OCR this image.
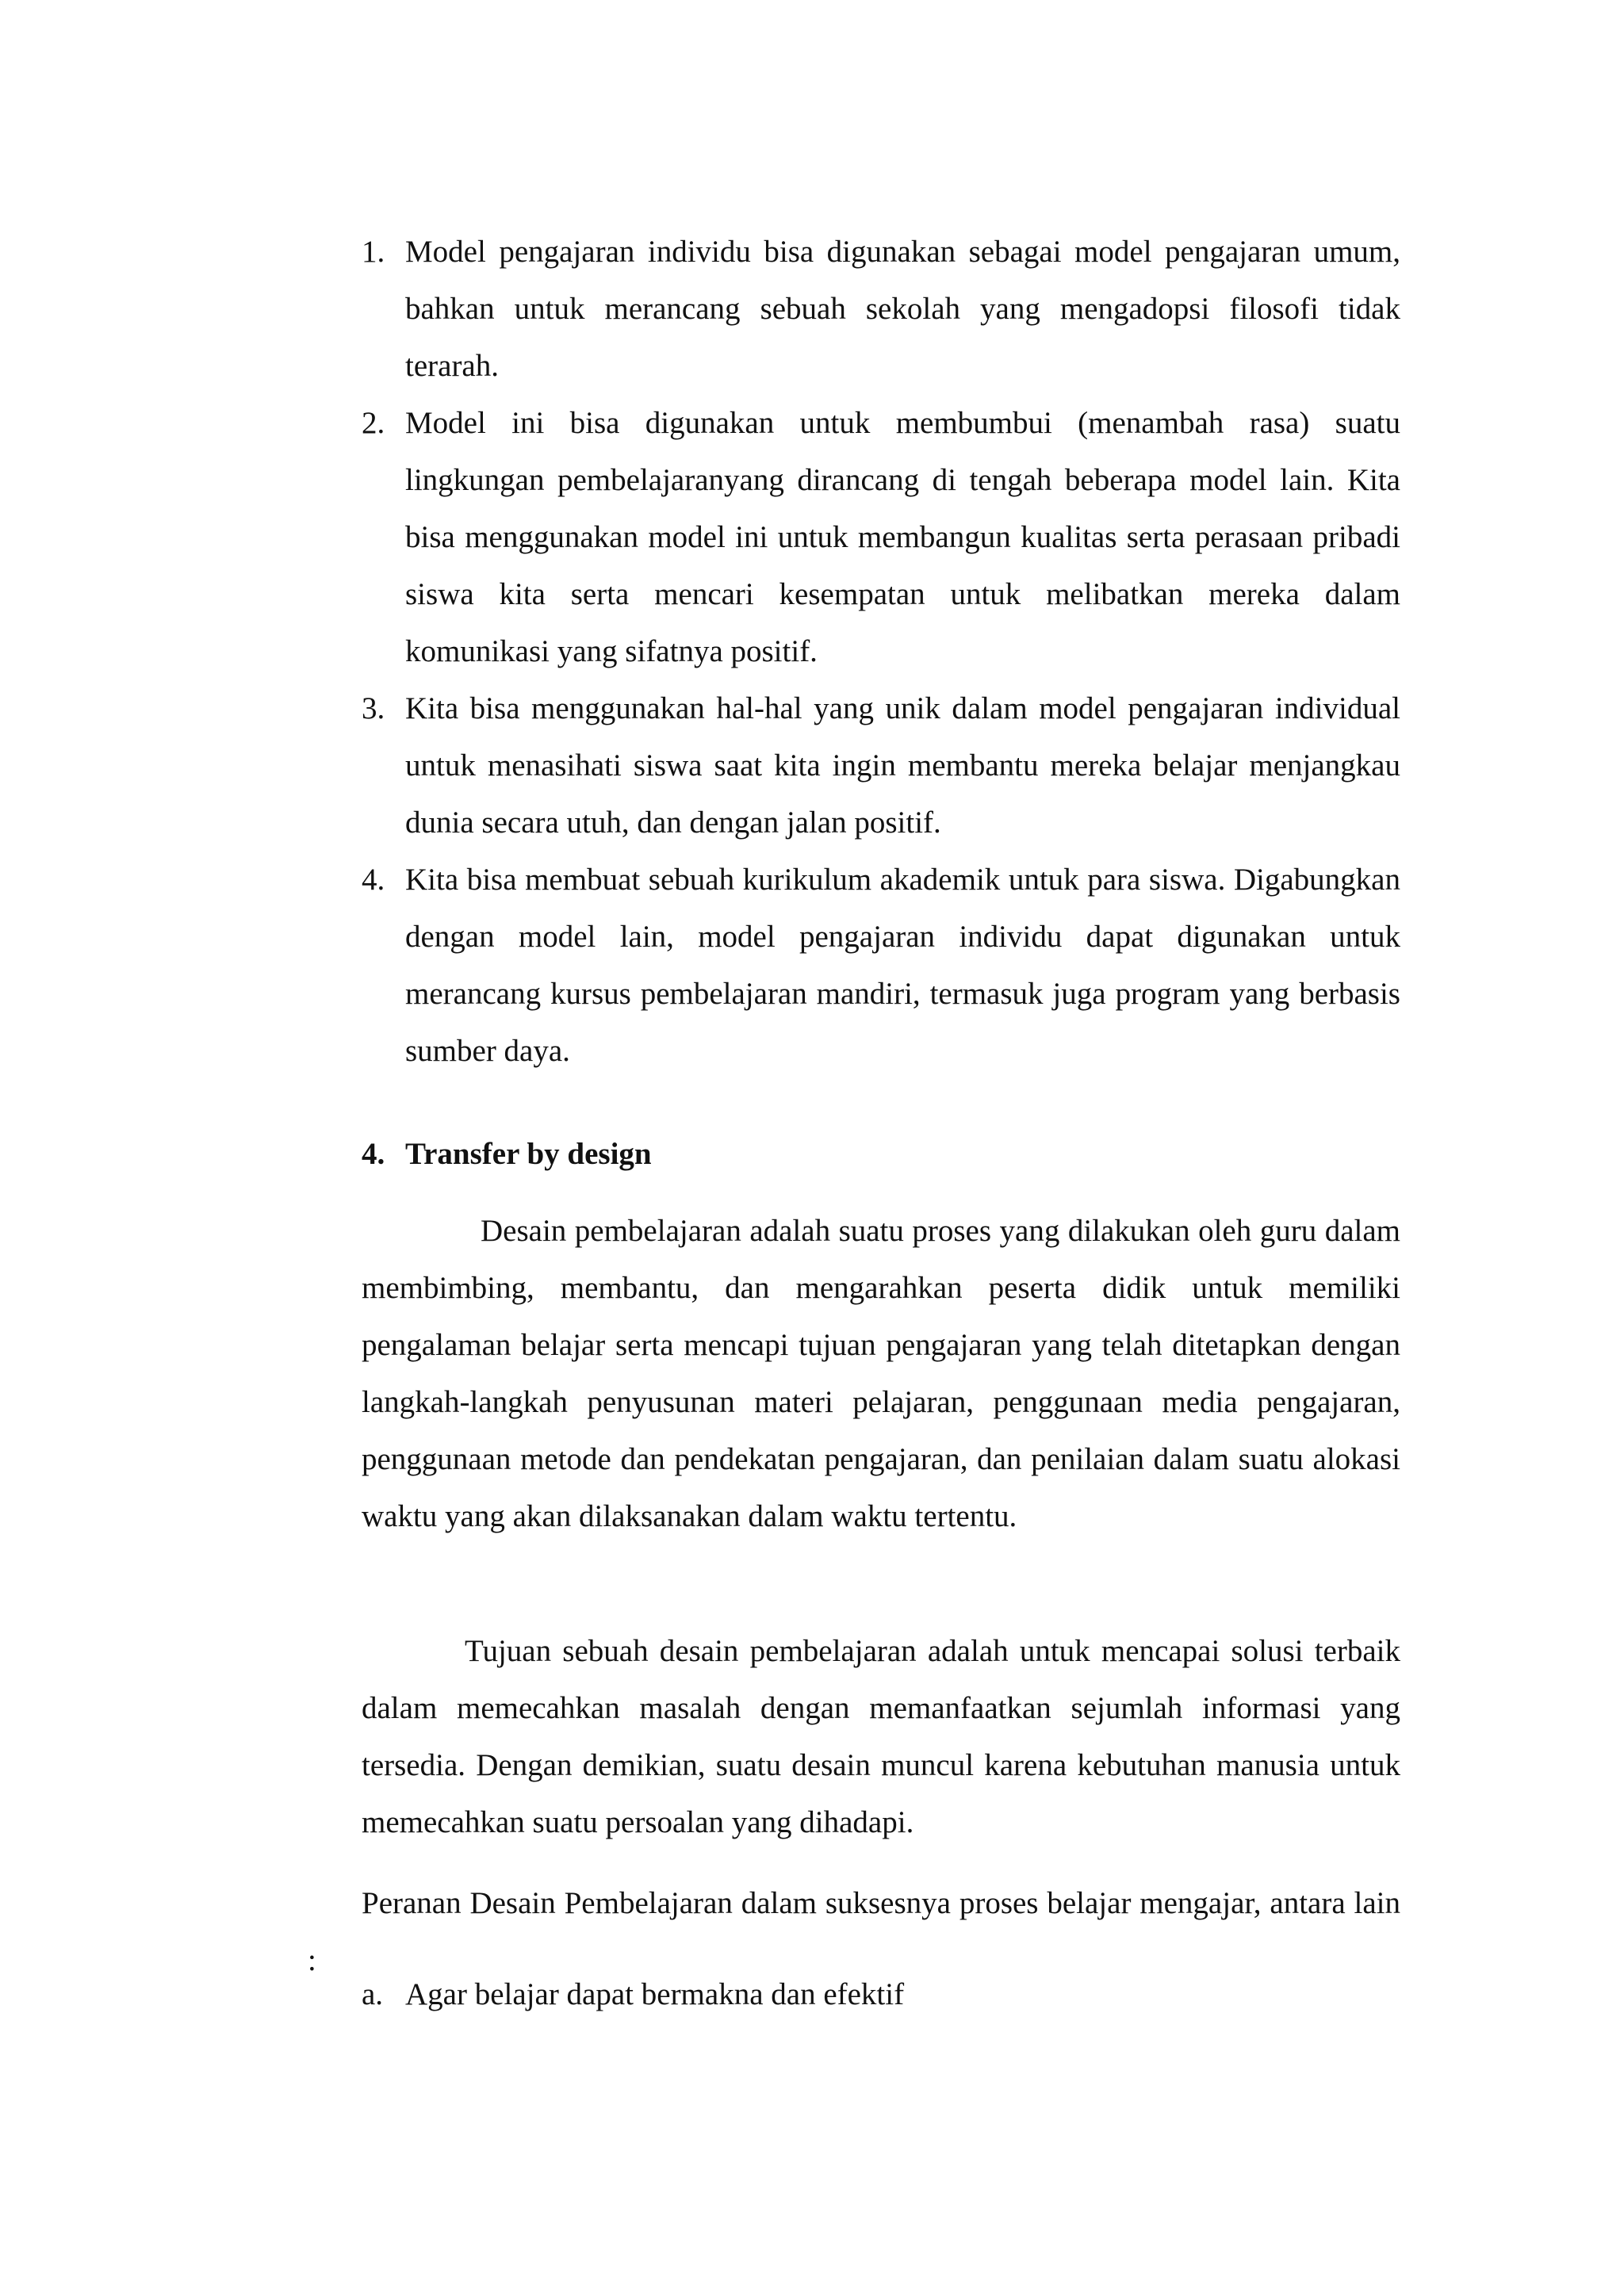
1. Model pengajaran individu bisa digunakan sebagai model pengajaran umum, bahkan untuk merancang sebuah sekolah yang mengadopsi filosofi tidak terarah.
2. Model ini bisa digunakan untuk membumbui (menambah rasa) suatu lingkungan pembelajaranyang dirancang di tengah beberapa model lain. Kita bisa menggunakan model ini untuk membangun kualitas serta perasaan pribadi siswa kita serta mencari kesempatan untuk melibatkan mereka dalam komunikasi yang sifatnya positif.
3. Kita bisa menggunakan hal-hal yang unik dalam model pengajaran individual untuk menasihati siswa saat kita ingin membantu mereka belajar menjangkau dunia secara utuh, dan dengan jalan positif.
4. Kita bisa membuat sebuah kurikulum akademik untuk para siswa. Digabungkan dengan model lain, model pengajaran individu dapat digunakan untuk merancang kursus pembelajaran mandiri, termasuk juga program yang berbasis sumber daya.
4. Transfer by design

Desain pembelajaran adalah suatu proses yang dilakukan oleh guru dalam membimbing, membantu, dan mengarahkan peserta didik untuk memiliki pengalaman belajar serta mencapi tujuan pengajaran yang telah ditetapkan dengan langkah-langkah penyusunan materi pelajaran, penggunaan media pengajaran, penggunaan metode dan pendekatan pengajaran, dan penilaian dalam suatu alokasi waktu yang akan dilaksanakan dalam waktu tertentu.

Tujuan sebuah desain pembelajaran adalah untuk mencapai solusi terbaik dalam memecahkan masalah dengan memanfaatkan sejumlah informasi yang tersedia. Dengan demikian, suatu desain muncul karena kebutuhan manusia untuk memecahkan suatu persoalan yang dihadapi.

Peranan Desain Pembelajaran dalam suksesnya proses belajar mengajar, antara lain :

a. Agar belajar dapat bermakna dan efektif
